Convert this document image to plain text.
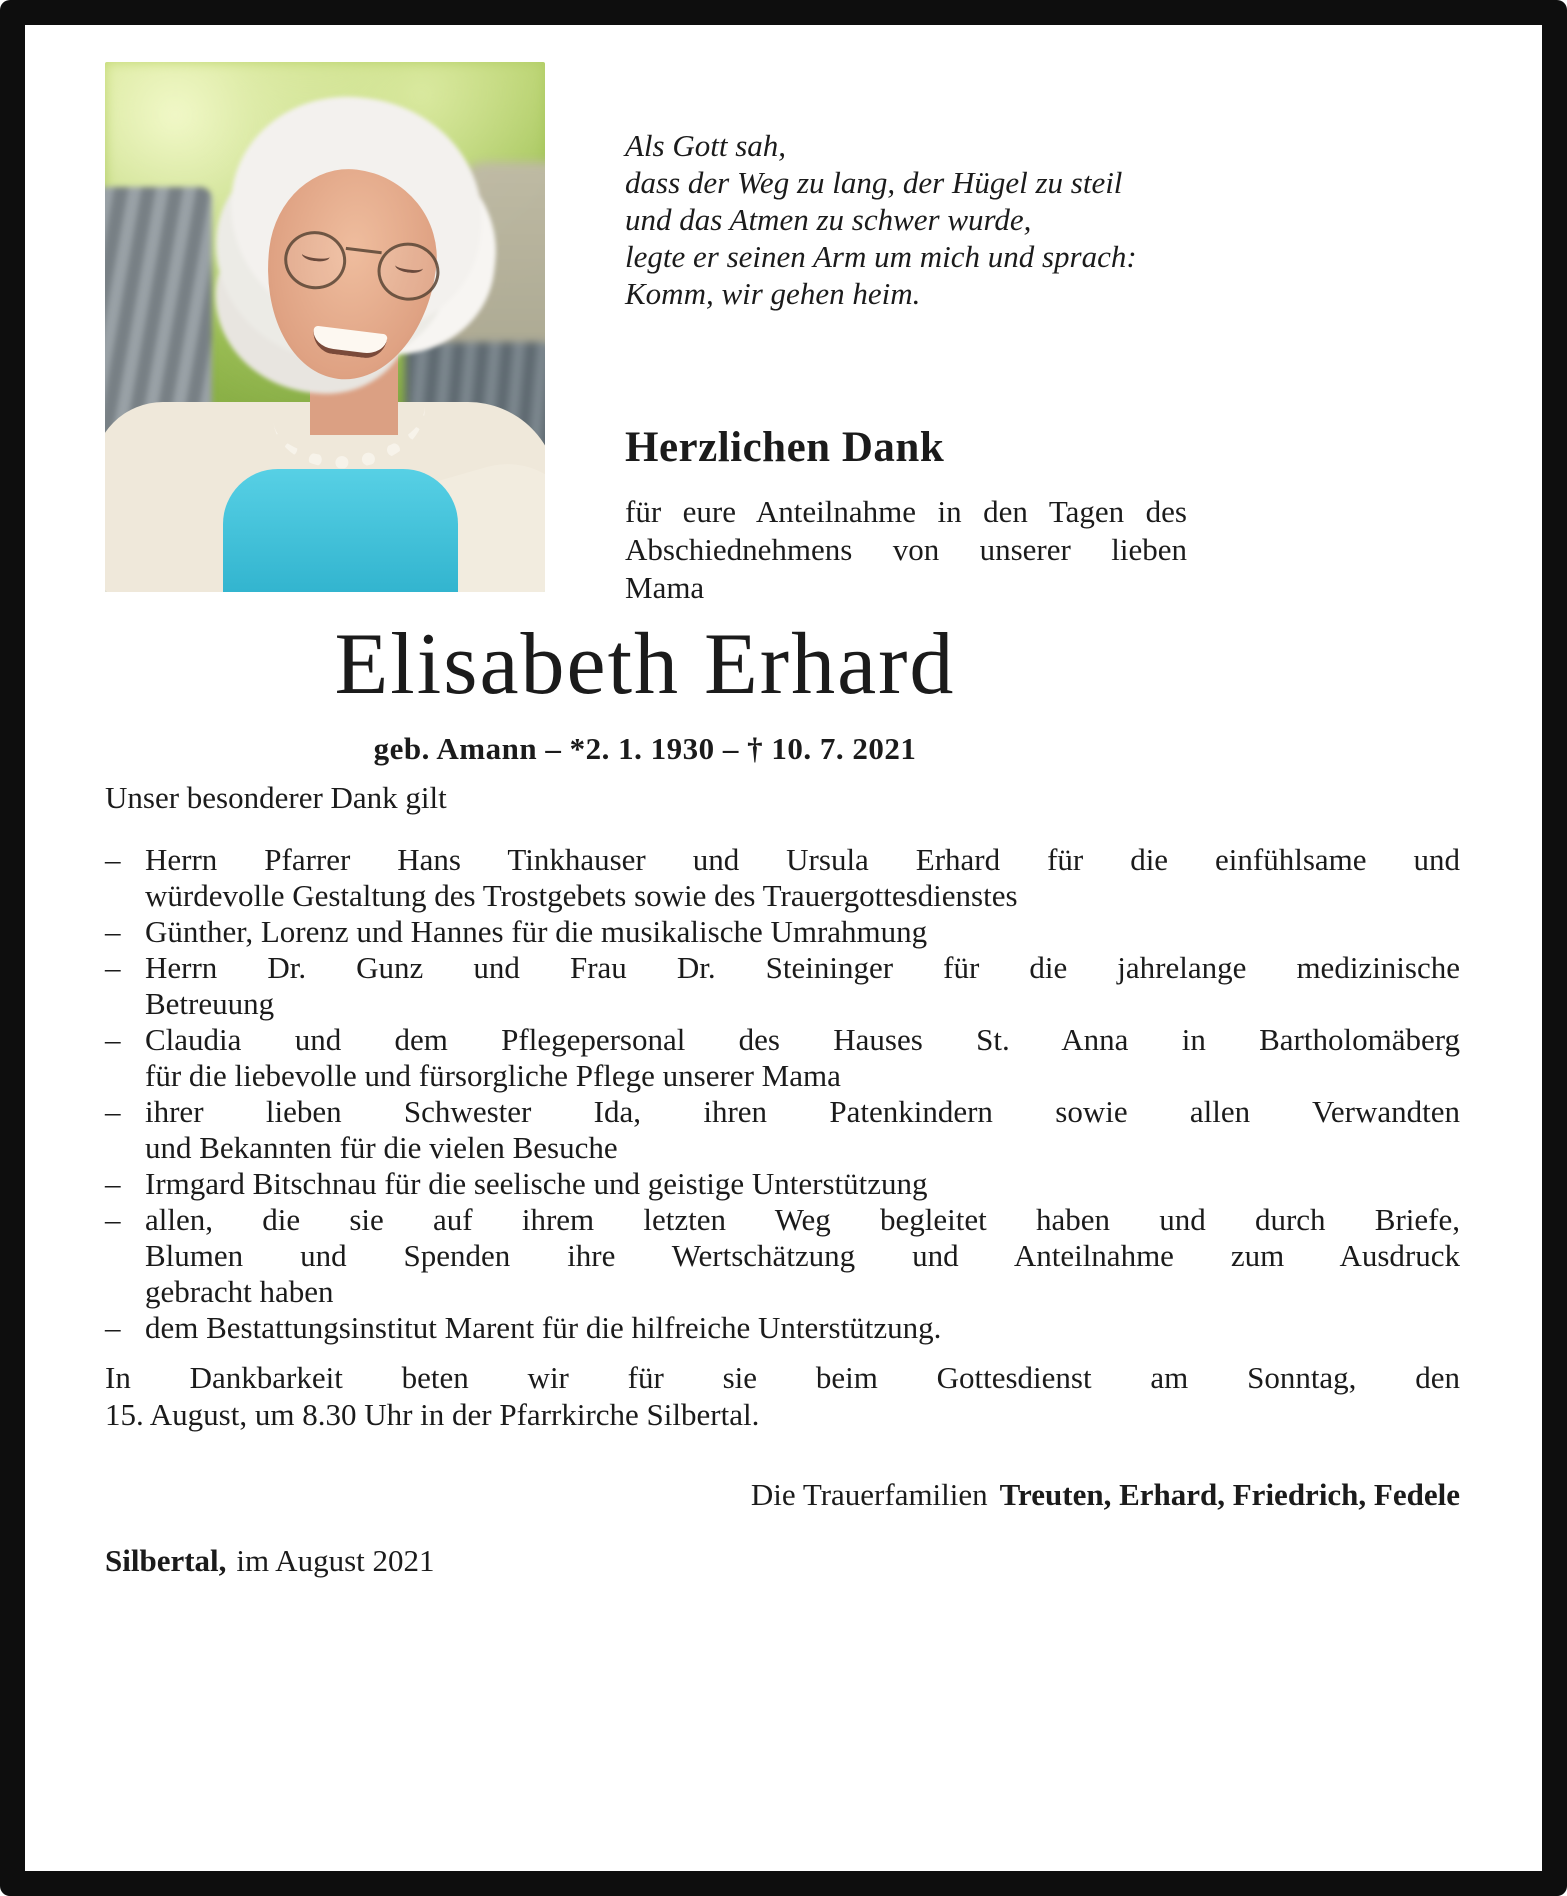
Als Gott sah,
dass der Weg zu lang, der Hügel zu steil
und das Atmen zu schwer wurde,
legte er seinen Arm um mich und sprach:
Komm, wir gehen heim.
Herzlichen Dank
für eure Anteilnahme in den Tagen des
Abschiednehmens von unserer lieben
Mama
Elisabeth Erhard
geb. Amann – *2. 1. 1930 – † 10. 7. 2021
Unser besonderer Dank gilt
– Herrn Pfarrer Hans Tinkhauser und Ursula Erhard für die einfühlsame und
würdevolle Gestaltung des Trostgebets sowie des Trauergottesdienstes
– Günther, Lorenz und Hannes für die musikalische Umrahmung
– Herrn Dr. Gunz und Frau Dr. Steininger für die jahrelange medizinische
Betreuung
– Claudia und dem Pflegepersonal des Hauses St. Anna in Bartholomäberg
für die liebevolle und fürsorgliche Pflege unserer Mama
– ihrer lieben Schwester Ida, ihren Patenkindern sowie allen Verwandten
und Bekannten für die vielen Besuche
– Irmgard Bitschnau für die seelische und geistige Unterstützung
– allen, die sie auf ihrem letzten Weg begleitet haben und durch Briefe,
Blumen und Spenden ihre Wertschätzung und Anteilnahme zum Ausdruck
gebracht haben
– dem Bestattungsinstitut Marent für die hilfreiche Unterstützung.
In Dankbarkeit beten wir für sie beim Gottesdienst am Sonntag, den
15. August, um 8.30 Uhr in der Pfarrkirche Silbertal.
Die Trauerfamilien Treuten, Erhard, Friedrich, Fedele
Silbertal, im August 2021
